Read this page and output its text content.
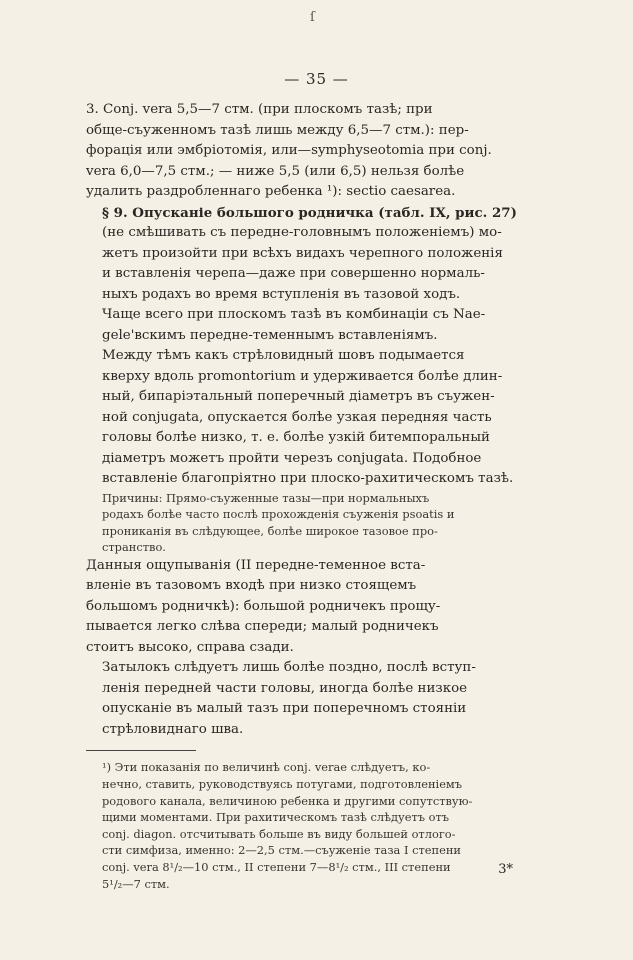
ſ
— 35 —

3. Conj. vera 5,5—7 стм. (при плоскомъ тазѣ; при
обще-съуженномъ тазѣ лишь между 6,5—7 стм.): пер-
форація или эмбріотомія, или—symphyseotomia при conj.
vera 6,0—7,5 стм.; — ниже 5,5 (или 6,5) нельзя болѣе
удалить раздробленнаго ребенка ¹): sectio caesarea.

§ 9. Опусканіе большого родничка (табл. IX, рис. 27)
(не смѣшивать съ передне-головнымъ положеніемъ) мо-
жетъ произойти при всѣхъ видахъ черепного положенія
и вставленія черепа—даже при совершенно нормаль-
ныхъ родахъ во время вступленія въ тазовой ходъ.
Чаще всего при плоскомъ тазѣ въ комбинаціи съ Nae-
gele'вскимъ передне-теменнымъ вставленіямъ.

Между тѣмъ какъ стрѣловидный шовъ подымается
кверху вдоль promontorium и удерживается болѣе длин-
ный, бипаріэтальный поперечный діаметръ въ съужен-
ной conjugata, опускается болѣе узкая передняя часть
головы болѣе низко, т. е. болѣе узкій битемпоральный
діаметръ можетъ пройти черезъ conjugata. Подобное
вставленіе благопріятно при плоско-рахитическомъ тазѣ.

Причины: Прямо-съуженные тазы—при нормальныхъ
родахъ болѣе часто послѣ прохожденія съуженія psoatis и
прониканія въ слѣдующее, болѣе широкое тазовое про-
странство.

Данныя ощупыванія (II передне-теменное вста-
вленіе въ тазовомъ входѣ при низко стоящемъ
большомъ родничкѣ): большой родничекъ прощу-
пывается легко слѣва спереди; малый родничекъ
стоитъ высоко, справа сзади.

Затылокъ слѣдуетъ лишь болѣе поздно, послѣ вступ-
ленія передней части головы, иногда болѣе низкое
опусканіе въ малый тазъ при поперечномъ стояніи
стрѣловиднаго шва.

¹) Эти показанія по величинѣ conj. verae слѣдуетъ, ко-
нечно, ставить, руководствуясь потугами, подготовленіемъ
родового канала, величиною ребенка и другими сопутствую-
щими моментами. При рахитическомъ тазѣ слѣдуетъ отъ
conj. diagon. отсчитывать больше въ виду большей отлого-
сти симфиза, именно: 2—2,5 стм.—съуженіе таза I степени
conj. vera 8¹/₂—10 стм., II степени 7—8¹/₂ стм., III степени
5¹/₂—7 стм.

3*
